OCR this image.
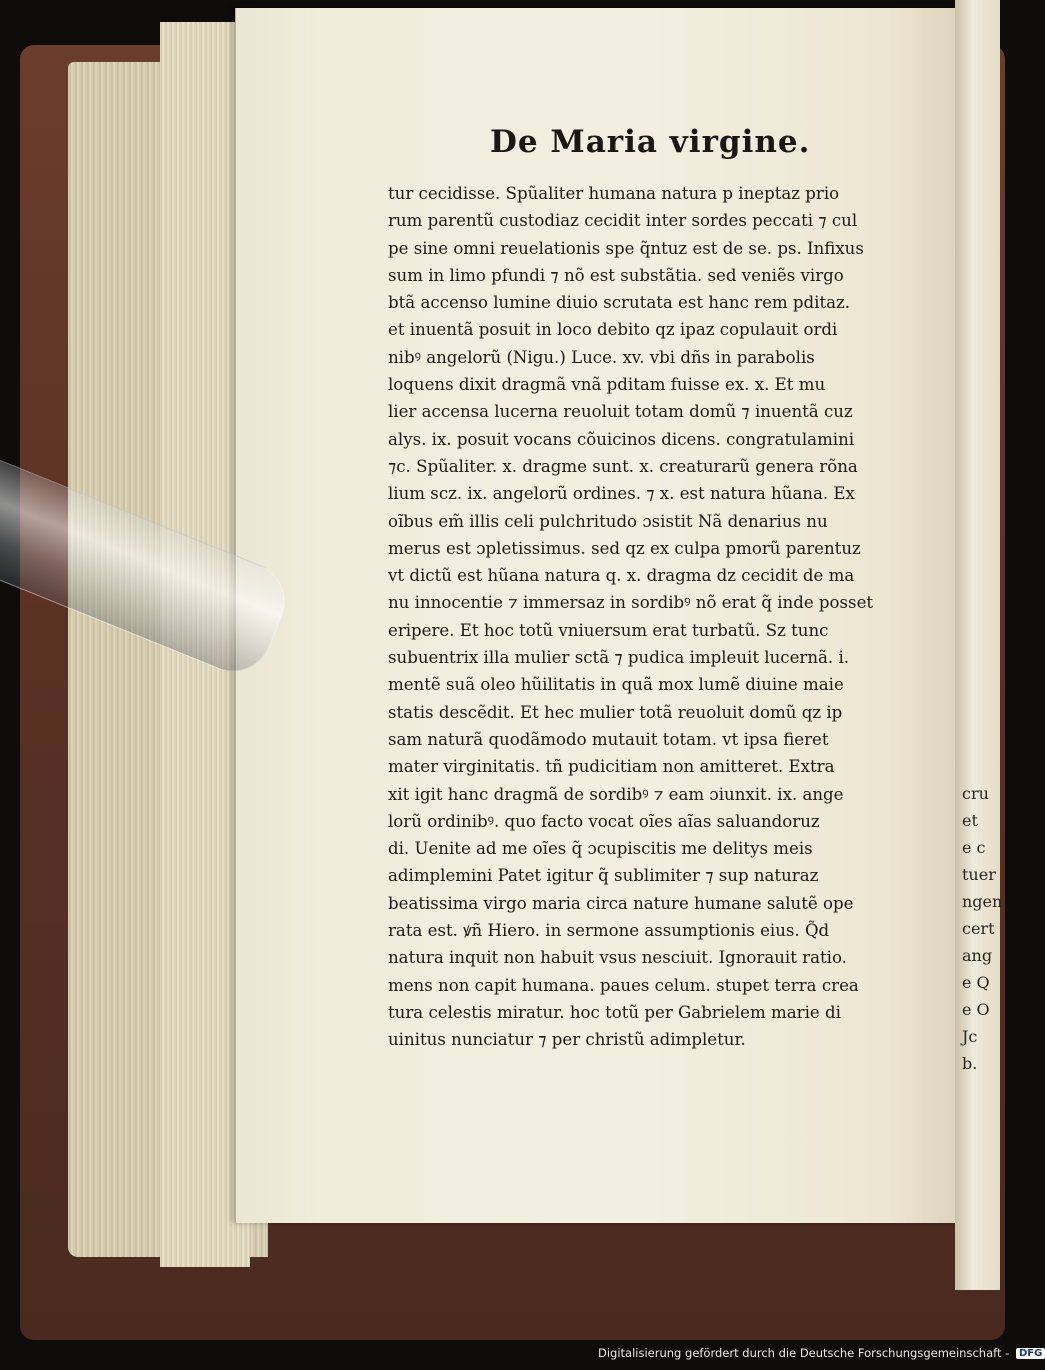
De Maria virgine.
tur cecidisse. Spũaliter humana natura p ineptaz prio
rum parentũ custodiaz cecidit inter sordes peccati ⁊ cul
pe sine omni reuelationis spe q̃ntuz est de se. ps. Infixus
sum in limo pfundi ⁊ nõ est substãtia. sed veniẽs virgo
btã accenso lumine diuio scrutata est hanc rem pditaz.
et inuentã posuit in loco debito qz ipaz copulauit ordi
nibꝰ angelorũ (Nigu.) Luce. xv. vbi dñs in parabolis
loquens dixit dragmã vnã pditam fuisse ex. x. Et mu
lier accensa lucerna reuoluit totam domũ ⁊ inuentã cuz
alys. ix. posuit vocans cõuicinos dicens. congratulamini
⁊c. Spũaliter. x. dragme sunt. x. creaturarũ genera rõna
lium scz. ix. angelorũ ordines. ⁊ x. est natura hũana. Ex
oĩbus em̃ illis celi pulchritudo ɔsistit Nã denarius nu
merus est ɔpletissimus. sed qz ex culpa pmorũ parentuz
vt dictũ est hũana natura q. x. dragma dz cecidit de ma
nu innocentie ⁊ immersaz in sordibꝰ nõ erat q̃ inde posset
eripere. Et hoc totũ vniuersum erat turbatũ. Sz tunc
subuentrix illa mulier sctã ⁊ pudica impleuit lucernã. i.
mentẽ suã oleo hũilitatis in quã mox lumẽ diuine maie
statis descẽdit. Et hec mulier totã reuoluit domũ qz ip
sam naturã quodãmodo mutauit totam. vt ipsa fieret
mater virginitatis. tñ pudicitiam non amitteret. Extra
xit igit hanc dragmã de sordibꝰ ⁊ eam ɔiunxit. ix. ange
lorũ ordinibꝰ. quo facto vocat oĩes aĩas saluandoruz
di. Uenite ad me oĩes q̃ ɔcupiscitis me delitys meis
adimplemini Patet igitur q̃ sublimiter ⁊ sup naturaz
beatissima virgo maria circa nature humane salutẽ ope
rata est. ꝟñ Hiero. in sermone assumptionis eius. Q̃d
natura inquit non habuit vsus nesciuit. Ignorauit ratio.
mens non capit humana. paues celum. stupet terra crea
tura celestis miratur. hoc totũ per Gabrielem marie di
uinitus nunciatur ⁊ per christũ adimpletur.
cru
et
e c
tuer
ngen
cert
ang
e Q
e O
Jc
b.
Digitalisierung gefördert durch die Deutsche Forschungsgemeinschaft - DFG
